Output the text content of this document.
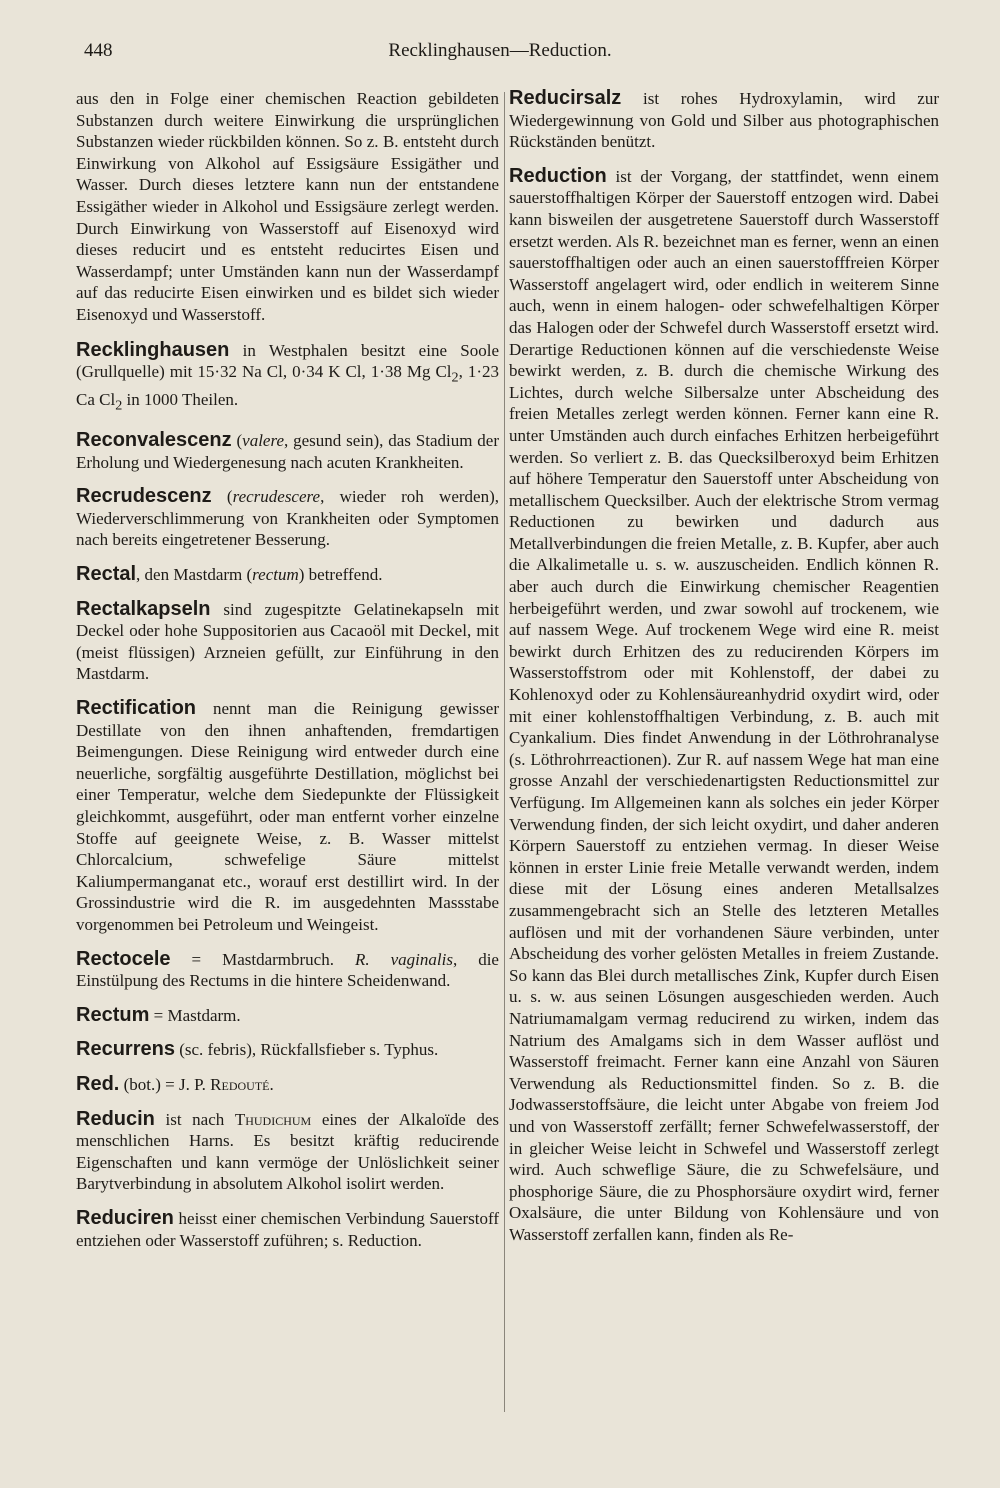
448	Recklinghausen—Reduction.

aus den in Folge einer chemischen Reaction gebildeten Substanzen durch weitere Einwirkung die ursprünglichen Substanzen wieder rückbilden können. So z. B. entsteht durch Einwirkung von Alkohol auf Essigsäure Essigäther und Wasser. Durch dieses letztere kann nun der entstandene Essigäther wieder in Alkohol und Essigsäure zerlegt werden. Durch Einwirkung von Wasserstoff auf Eisenoxyd wird dieses reducirt und es entsteht reducirtes Eisen und Wasserdampf; unter Umständen kann nun der Wasserdampf auf das reducirte Eisen einwirken und es bildet sich wieder Eisenoxyd und Wasserstoff.

Recklinghausen in Westphalen besitzt eine Soole (Grullquelle) mit 15·32 Na Cl, 0·34 K Cl, 1·38 Mg $Cl_2$, 1·23 Ca $Cl_2$ in 1000 Theilen.

Reconvalescenz (valere, gesund sein), das Stadium der Erholung und Wiedergenesung nach acuten Krankheiten.

Recrudescenz (recrudescere, wieder roh werden), Wiederverschlimmerung von Krankheiten oder Symptomen nach bereits eingetretener Besserung.

Rectal, den Mastdarm (rectum) betreffend.

Rectalkapseln sind zugespitzte Gelatinekapseln mit Deckel oder hohe Suppositorien aus Cacaoöl mit Deckel, mit (meist flüssigen) Arzneien gefüllt, zur Einführung in den Mastdarm.

Rectification nennt man die Reinigung gewisser Destillate von den ihnen anhaftenden, fremdartigen Beimengungen. Diese Reinigung wird entweder durch eine neuerliche, sorgfältig ausgeführte Destillation, möglichst bei einer Temperatur, welche dem Siedepunkte der Flüssigkeit gleichkommt, ausgeführt, oder man entfernt vorher einzelne Stoffe auf geeignete Weise, z. B. Wasser mittelst Chlorcalcium, schwefelige Säure mittelst Kaliumpermanganat etc., worauf erst destillirt wird. In der Grossindustrie wird die R. im ausgedehnten Massstabe vorgenommen bei Petroleum und Weingeist.

Rectocele = Mastdarmbruch. R. vaginalis, die Einstülpung des Rectums in die hintere Scheidenwand.

Rectum = Mastdarm.

Recurrens (sc. febris), Rückfallsfieber s. Typhus.

Red. (bot.) = J. P. Redouté.

Reducin ist nach Thudichum eines der Alkaloïde des menschlichen Harns. Es besitzt kräftig reducirende Eigenschaften und kann vermöge der Unlöslichkeit seiner Barytverbindung in absolutem Alkohol isolirt werden.

Reduciren heisst einer chemischen Verbindung Sauerstoff entziehen oder Wasserstoff zuführen; s. Reduction.

Reducirsalz ist rohes Hydroxylamin, wird zur Wiedergewinnung von Gold und Silber aus photographischen Rückständen benützt.

Reduction ist der Vorgang, der stattfindet, wenn einem sauerstoffhaltigen Körper der Sauerstoff entzogen wird. Dabei kann bisweilen der ausgetretene Sauerstoff durch Wasserstoff ersetzt werden. Als R. bezeichnet man es ferner, wenn an einen sauerstoffhaltigen oder auch an einen sauerstofffreien Körper Wasserstoff angelagert wird, oder endlich in weiterem Sinne auch, wenn in einem halogen- oder schwefelhaltigen Körper das Halogen oder der Schwefel durch Wasserstoff ersetzt wird. Derartige Reductionen können auf die verschiedenste Weise bewirkt werden, z. B. durch die chemische Wirkung des Lichtes, durch welche Silbersalze unter Abscheidung des freien Metalles zerlegt werden können. Ferner kann eine R. unter Umständen auch durch einfaches Erhitzen herbeigeführt werden. So verliert z. B. das Quecksilberoxyd beim Erhitzen auf höhere Temperatur den Sauerstoff unter Abscheidung von metallischem Quecksilber. Auch der elektrische Strom vermag Reductionen zu bewirken und dadurch aus Metallverbindungen die freien Metalle, z. B. Kupfer, aber auch die Alkalimetalle u. s. w. auszuscheiden. Endlich können R. aber auch durch die Einwirkung chemischer Reagentien herbeigeführt werden, und zwar sowohl auf trockenem, wie auf nassem Wege. Auf trockenem Wege wird eine R. meist bewirkt durch Erhitzen des zu reducirenden Körpers im Wasserstoffstrom oder mit Kohlenstoff, der dabei zu Kohlenoxyd oder zu Kohlensäureanhydrid oxydirt wird, oder mit einer kohlenstoffhaltigen Verbindung, z. B. auch mit Cyankalium. Dies findet Anwendung in der Löthrohranalyse (s. Löthrohrreactionen). Zur R. auf nassem Wege hat man eine grosse Anzahl der verschiedenartigsten Reductionsmittel zur Verfügung. Im Allgemeinen kann als solches ein jeder Körper Verwendung finden, der sich leicht oxydirt, und daher anderen Körpern Sauerstoff zu entziehen vermag. In dieser Weise können in erster Linie freie Metalle verwandt werden, indem diese mit der Lösung eines anderen Metallsalzes zusammengebracht sich an Stelle des letzteren Metalles auflösen und mit der vorhandenen Säure verbinden, unter Abscheidung des vorher gelösten Metalles in freiem Zustande. So kann das Blei durch metallisches Zink, Kupfer durch Eisen u. s. w. aus seinen Lösungen ausgeschieden werden. Auch Natriumamalgam vermag reducirend zu wirken, indem das Natrium des Amalgams sich in dem Wasser auflöst und Wasserstoff freimacht. Ferner kann eine Anzahl von Säuren Verwendung als Reductionsmittel finden. So z. B. die Jodwasserstoffsäure, die leicht unter Abgabe von freiem Jod und von Wasserstoff zerfällt; ferner Schwefelwasserstoff, der in gleicher Weise leicht in Schwefel und Wasserstoff zerlegt wird. Auch schweflige Säure, die zu Schwefelsäure, und phosphorige Säure, die zu Phosphorsäure oxydirt wird, ferner Oxalsäure, die unter Bildung von Kohlensäure und von Wasserstoff zerfallen kann, finden als Re-
